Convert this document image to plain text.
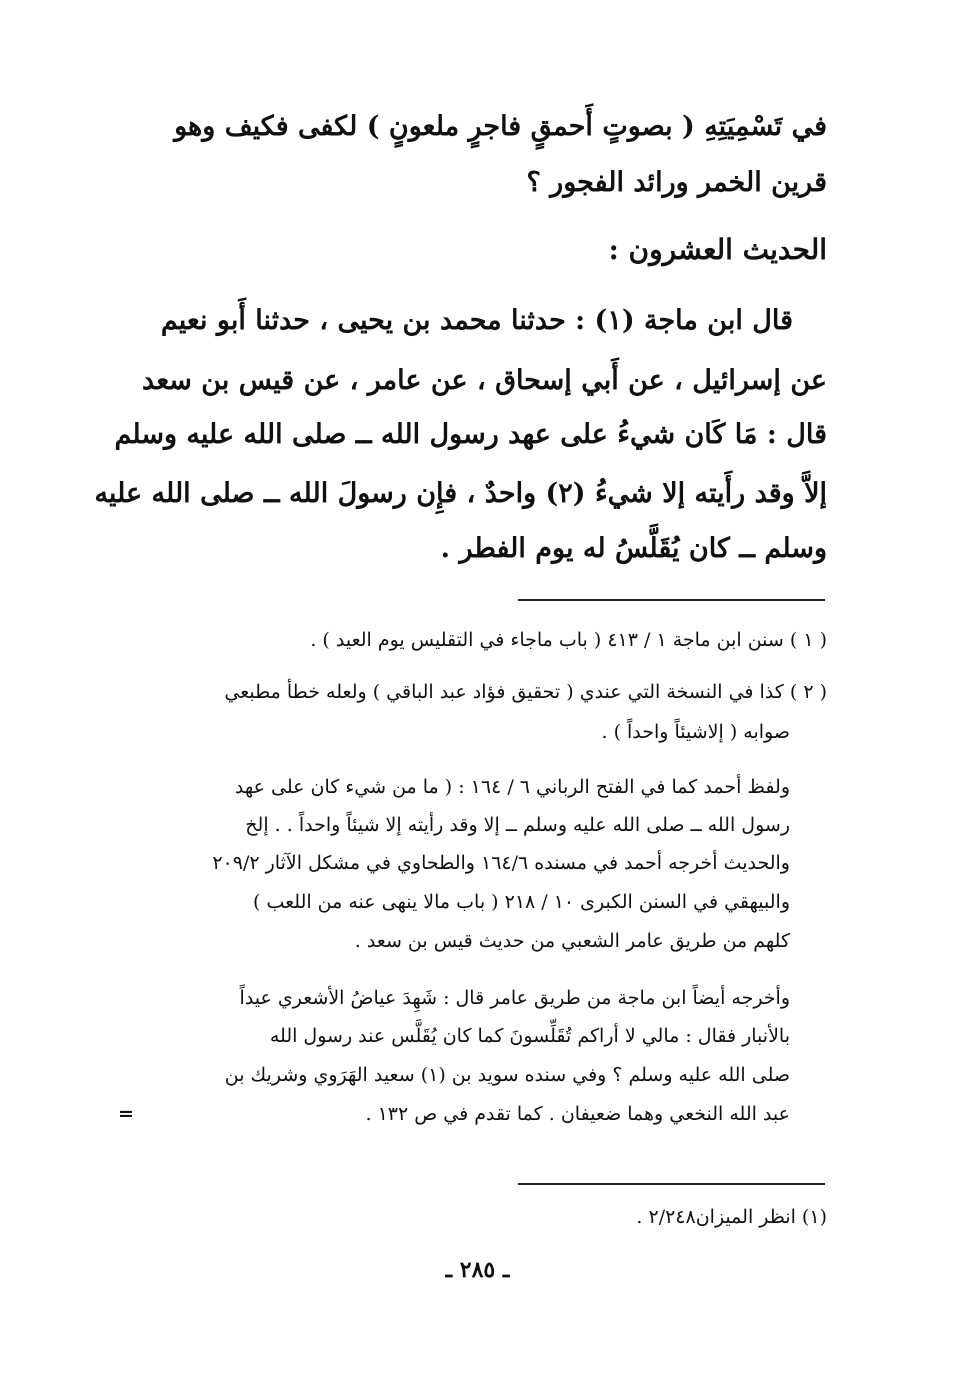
في تَسْمِيَتِهِ ( بصوتٍ أَحمقٍ فاجرٍ ملعونٍ ) لكفى فكيف وهو
قرين الخمر ورائد الفجور ؟
الحديث العشرون :
قال ابن ماجة (١) : حدثنا محمد بن يحيى ، حدثنا أَبو نعيم
عن إسرائيل ، عن أَبي إسحاق ، عن عامر ، عن قيس بن سعد
قال : مَا كَان شيءُ على عهد رسول الله ــ صلى الله عليه وسلم
إلاَّ وقد رأَيته إلا شيءُ (٢) واحدٌ ، فإِن رسولَ الله ــ صلى الله عليه
وسلم ــ كان يُقَلَّسُ له يوم الفطر .
( ١ ) سنن ابن ماجة ١ / ٤١٣ ( باب ماجاء في التقليس يوم العيد ) .
( ٢ ) كذا في النسخة التي عندي ( تحقيق فؤاد عبد الباقي ) ولعله خطأ مطبعي
صوابه ( إلاشيئاً واحداً ) .
ولفظ أحمد كما في الفتح الرباني ٦ / ١٦٤ : ( ما من شيء كان على عهد
رسول الله ــ صلى الله عليه وسلم ــ إلا وقد رأيته إلا شيئاً واحداً . . إلخ
والحديث أخرجه أحمد في مسنده ١٦٤/٦ والطحاوي في مشكل الآثار ٢٠٩/٢
والبيهقي في السنن الكبرى ١٠ / ٢١٨ ( باب مالا ينهى عنه من اللعب )
كلهم من طريق عامر الشعبي من حديث قيس بن سعد .
وأخرجه أيضاً ابن ماجة من طريق عامر قال : شَهِدَ عياضُ الأشعري عيداً
بالأنبار فقال : مالي لا أراكم تُقَلِّسونَ كما كان يُقَلَّس عند رسول الله
صلى الله عليه وسلم ؟ وفي سنده سويد بن (١) سعيد الهَرَوي وشريك بن
عبد الله النخعي وهما ضعيفان . كما تقدم في ص ١٣٢ .
=
(١) انظر الميزان٢/٢٤٨ .
ـ ٢٨٥ ـ
